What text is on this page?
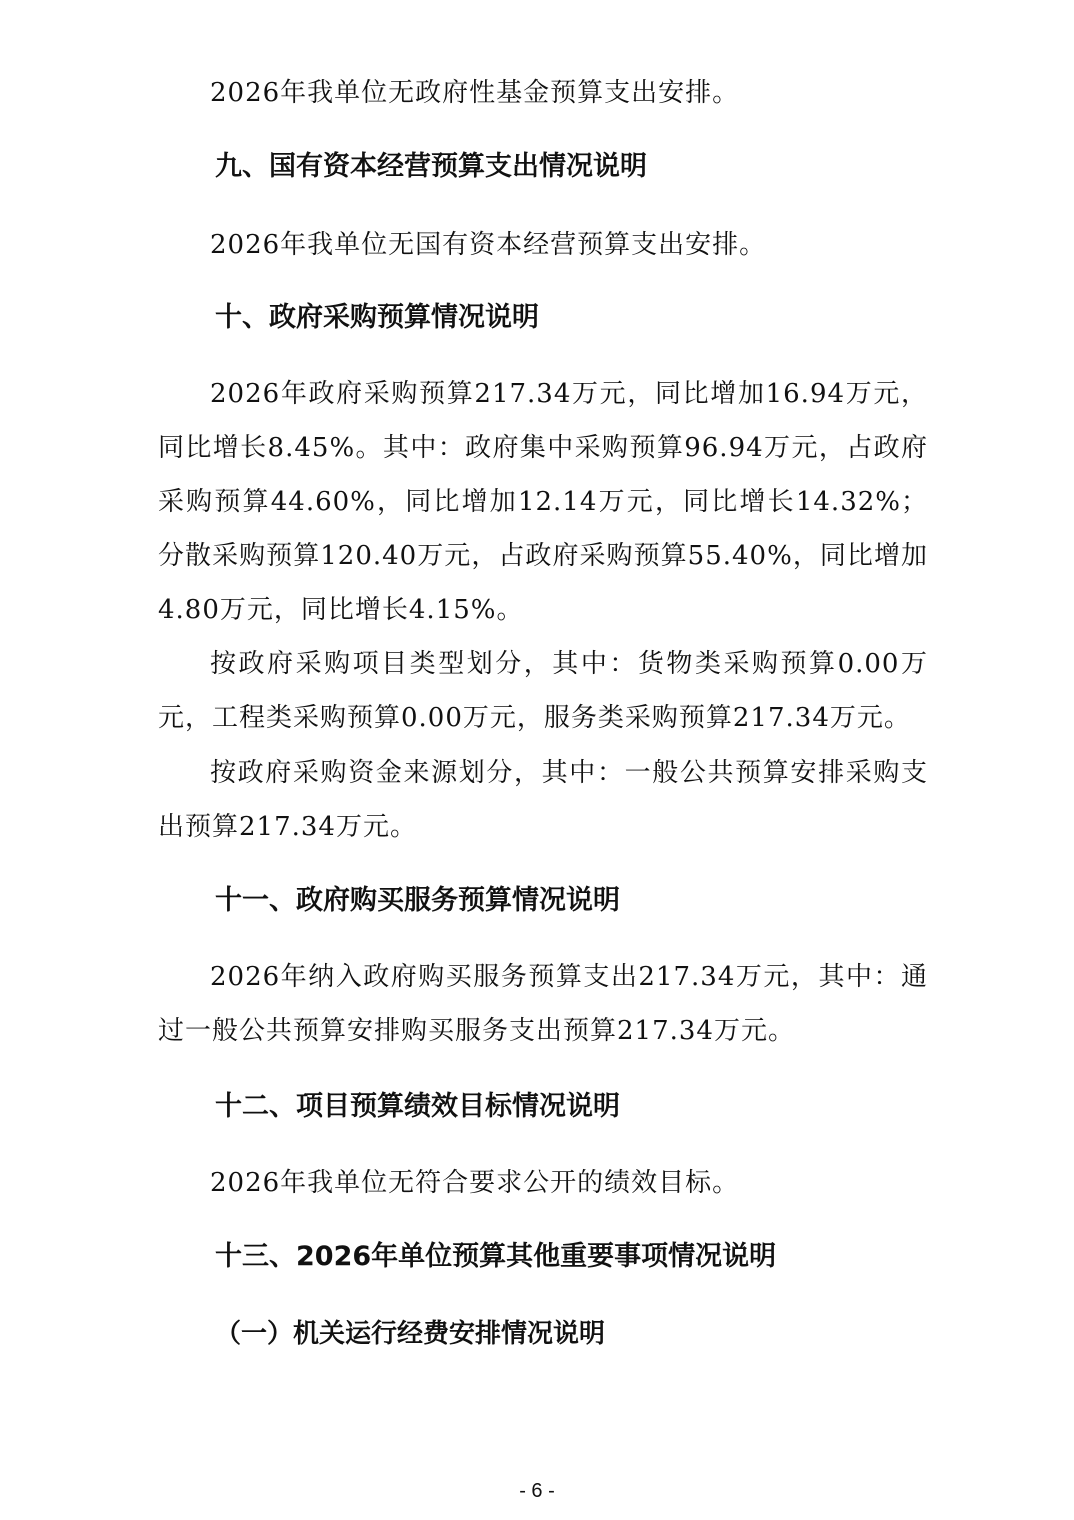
2026年我单位无政府性基金预算支出安排。

九、国有资本经营预算支出情况说明

2026年我单位无国有资本经营预算支出安排。

十、政府采购预算情况说明

2026年政府采购预算217.34万元，同比增加16.94万元，同比增长8.45%。其中：政府集中采购预算96.94万元，占政府采购预算44.60%，同比增加12.14万元，同比增长14.32%；分散采购预算120.40万元，占政府采购预算55.40%，同比增加4.80万元，同比增长4.15%。

按政府采购项目类型划分，其中：货物类采购预算0.00万元，工程类采购预算0.00万元，服务类采购预算217.34万元。

按政府采购资金来源划分，其中：一般公共预算安排采购支出预算217.34万元。

十一、政府购买服务预算情况说明

2026年纳入政府购买服务预算支出217.34万元，其中：通过一般公共预算安排购买服务支出预算217.34万元。

十二、项目预算绩效目标情况说明

2026年我单位无符合要求公开的绩效目标。

十三、2026年单位预算其他重要事项情况说明
（一）机关运行经费安排情况说明
- 6 -
